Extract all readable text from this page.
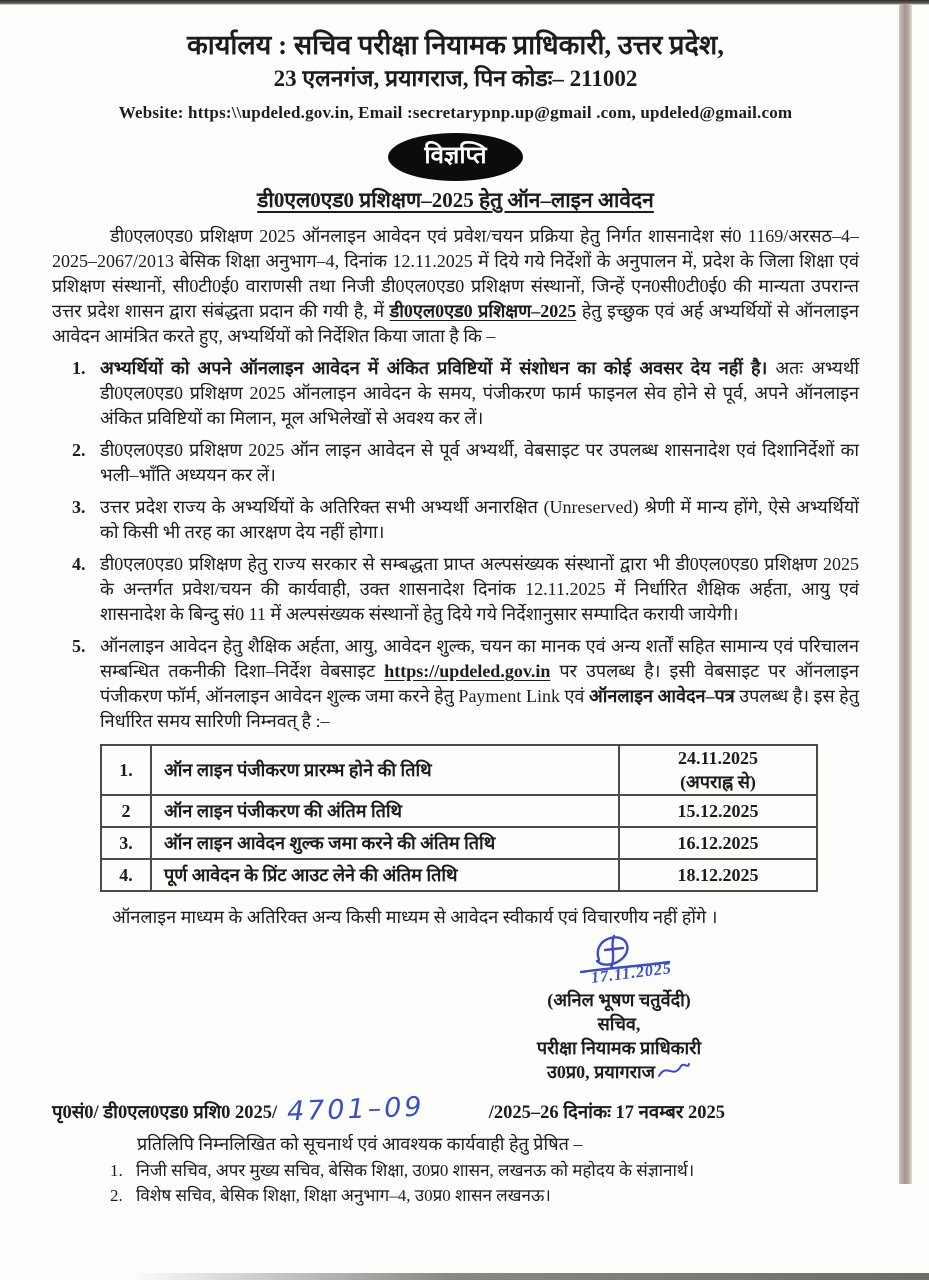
कार्यालय : सचिव परीक्षा नियामक प्राधिकारी, उत्तर प्रदेश,
23 एलनगंज, प्रयागराज, पिन कोडः– 211002
Website: https:\\updeled.gov.in, Email :secretarypnp.up@gmail .com, updeled@gmail.com
विज्ञप्ति
डी0एल0एड0 प्रशिक्षण–2025 हेतु ऑन–लाइन आवेदन

डी0एल0एड0 प्रशिक्षण 2025 ऑनलाइन आवेदन एवं प्रवेश/चयन प्रक्रिया हेतु निर्गत शासनादेश सं0 1169/अरसठ–4–2025–2067/2013 बेसिक शिक्षा अनुभाग–4, दिनांक 12.11.2025 में दिये गये निर्देशों के अनुपालन में, प्रदेश के जिला शिक्षा एवं प्रशिक्षण संस्थानों, सी0टी0ई0 वाराणसी तथा निजी डी0एल0एड0 प्रशिक्षण संस्थानों, जिन्हें एन0सी0टी0ई0 की मान्यता उपरान्त उत्तर प्रदेश शासन द्वारा संबंद्धता प्रदान की गयी है, में डी0एल0एड0 प्रशिक्षण–2025 हेतु इच्छुक एवं अर्ह अभ्यर्थियों से ऑनलाइन आवेदन आमंत्रित करते हुए, अभ्यर्थियों को निर्देशित किया जाता है कि –

1. अभ्यर्थियों को अपने ऑनलाइन आवेदन में अंकित प्रविष्टियों में संशोधन का कोई अवसर देय नहीं है। अतः अभ्यर्थी डी0एल0एड0 प्रशिक्षण 2025 ऑनलाइन आवेदन के समय, पंजीकरण फार्म फाइनल सेव होने से पूर्व, अपने ऑनलाइन अंकित प्रविष्टियों का मिलान, मूल अभिलेखों से अवश्य कर लें।
2. डी0एल0एड0 प्रशिक्षण 2025 ऑन लाइन आवेदन से पूर्व अभ्यर्थी, वेबसाइट पर उपलब्ध शासनादेश एवं दिशानिर्देशों का भली–भाँति अध्ययन कर लें।
3. उत्तर प्रदेश राज्य के अभ्यर्थियों के अतिरिक्त सभी अभ्यर्थी अनारक्षित (Unreserved) श्रेणी में मान्य होंगे, ऐसे अभ्यर्थियों को किसी भी तरह का आरक्षण देय नहीं होगा।
4. डी0एल0एड0 प्रशिक्षण हेतु राज्य सरकार से सम्बद्धता प्राप्त अल्पसंख्यक संस्थानों द्वारा भी डी0एल0एड0 प्रशिक्षण 2025 के अन्तर्गत प्रवेश/चयन की कार्यवाही, उक्त शासनादेश दिनांक 12.11.2025 में निर्धारित शैक्षिक अर्हता, आयु एवं शासनादेश के बिन्दु सं0 11 में अल्पसंख्यक संस्थानों हेतु दिये गये निर्देशानुसार सम्पादित करायी जायेगी।
5. ऑनलाइन आवेदन हेतु शैक्षिक अर्हता, आयु, आवेदन शुल्क, चयन का मानक एवं अन्य शर्तों सहित सामान्य एवं परिचालन सम्बन्धित तकनीकी दिशा–निर्देश वेबसाइट https://updeled.gov.in पर उपलब्ध है। इसी वेबसाइट पर ऑनलाइन पंजीकरण फॉर्म, ऑनलाइन आवेदन शुल्क जमा करने हेतु Payment Link एवं ऑनलाइन आवेदन–पत्र उपलब्ध है। इस हेतु निर्धारित समय सारिणी निम्नवत् है :–
1.	ऑन लाइन पंजीकरण प्रारम्भ होने की तिथि	24.11.2025
(अपराह्न से)

2	ऑन लाइन पंजीकरण की अंतिम तिथि	15.12.2025

3.	ऑन लाइन आवेदन शुल्क जमा करने की अंतिम तिथि	16.12.2025

4.	पूर्ण आवेदन के प्रिंट आउट लेने की अंतिम तिथि	18.12.2025

ऑनलाइन माध्यम के अतिरिक्त अन्य किसी माध्यम से आवेदन स्वीकार्य एवं विचारणीय नहीं होंगे ।

17.11.2025
(अनिल भूषण चतुर्वेदी)
सचिव,
परीक्षा नियामक प्राधिकारी
उ0प्र0, प्रयागराज
पृ0सं0/ डी0एल0एड0 प्रशि0 2025/ 4701–09	/2025–26 दिनांकः 17 नवम्बर 2025
प्रतिलिपि निम्नलिखित को सूचनार्थ एवं आवश्यक कार्यवाही हेतु प्रेषित –
1. निजी सचिव, अपर मुख्य सचिव, बेसिक शिक्षा, उ0प्र0 शासन, लखनऊ को महोदय के संज्ञानार्थ।
2. विशेष सचिव, बेसिक शिक्षा, शिक्षा अनुभाग–4, उ0प्र0 शासन लखनऊ।
